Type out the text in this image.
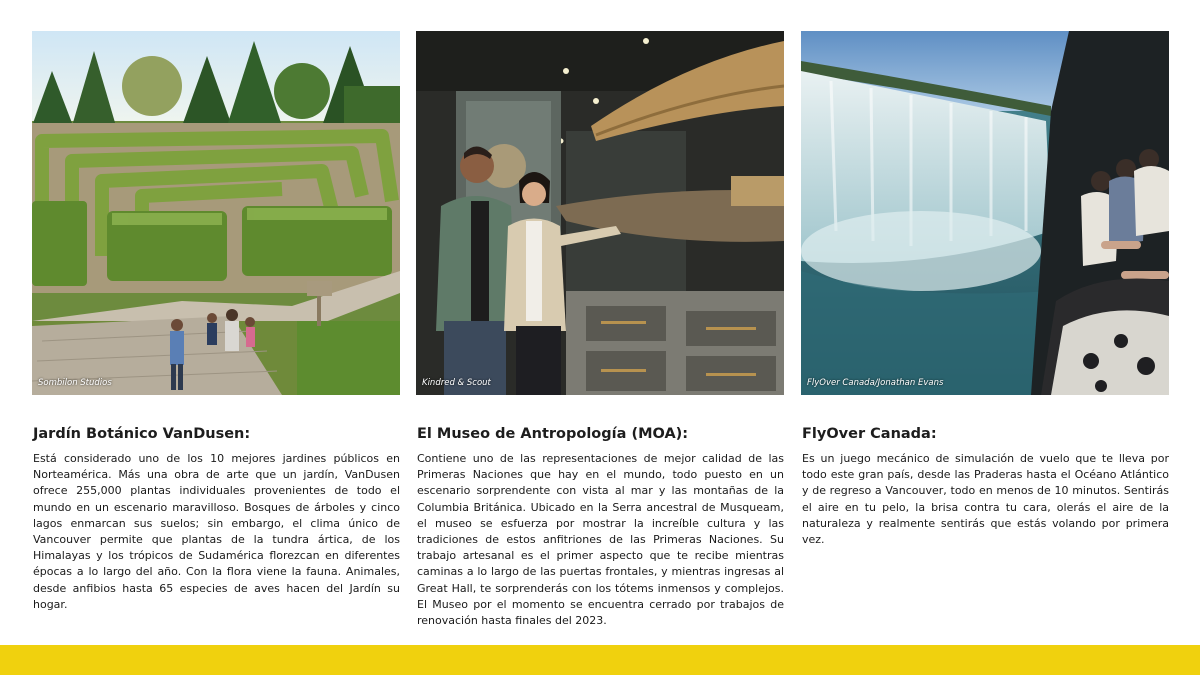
Sombilon Studios
Jardín Botánico VanDusen:
Está considerado uno de los 10 mejores jardines públicos en Norteamérica. Más una obra de arte que un jardín, VanDusen ofrece 255,000 plantas individuales provenientes de todo el mundo en un escenario maravilloso. Bosques de árboles y cinco lagos enmarcan sus suelos; sin embargo, el clima único de Vancouver permite que plantas de la tundra ártica, de los Himalayas y los trópicos de Sudamérica florezcan en diferentes épocas a lo largo del año. Con la flora viene la fauna. Animales, desde anfibios hasta 65 especies de aves hacen del Jardín su hogar.
Kindred & Scout
El Museo de Antropología (MOA):
Contiene uno de las representaciones de mejor calidad de las Primeras Naciones que hay en el mundo, todo puesto en un escenario sorprendente con vista al mar y las montañas de la Columbia Británica. Ubicado en la Serra ancestral de Musqueam, el museo se esfuerza por mostrar la increíble cultura y las tradiciones de estos anfitriones de las Primeras Naciones. Su trabajo artesanal es el primer aspecto que te recibe mientras caminas a lo largo de las puertas frontales, y mientras ingresas al Great Hall, te sorprenderás con los tótems inmensos y complejos. El Museo por el momento se encuentra cerrado por trabajos de renovación hasta finales del 2023.
FlyOver Canada/Jonathan Evans
FlyOver Canada:
Es un juego mecánico de simulación de vuelo que te lleva por todo este gran país, desde las Praderas hasta el Océano Atlántico y de regreso a Vancouver, todo en menos de 10 minutos. Sentirás el aire en tu pelo, la brisa contra tu cara, olerás el aire de la naturaleza y realmente sentirás que estás volando por primera vez.
